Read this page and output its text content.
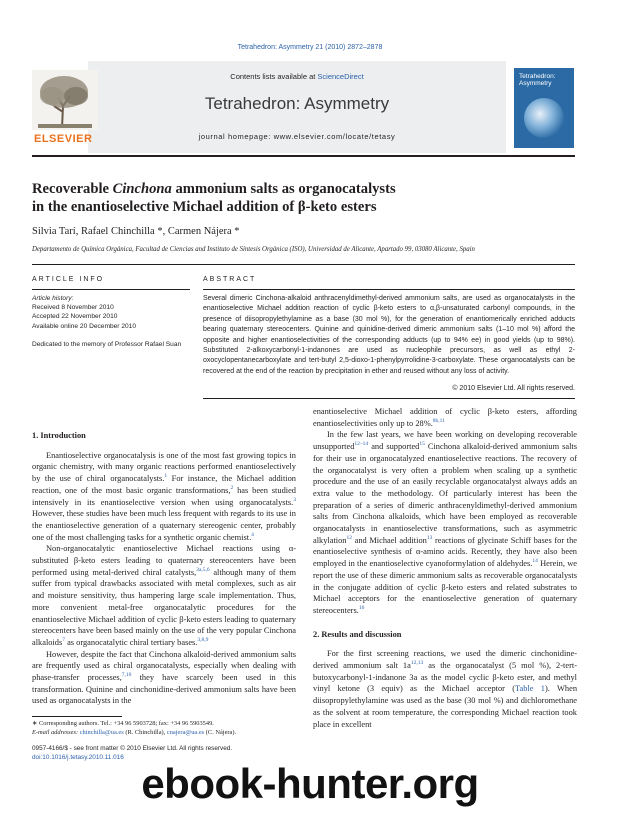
Tetrahedron: Asymmetry 21 (2010) 2872–2878
ELSEVIER
Contents lists available at ScienceDirect
Tetrahedron: Asymmetry
journal homepage: www.elsevier.com/locate/tetasy
Tetrahedron:
Asymmetry
Recoverable Cinchona ammonium salts as organocatalysts
in the enantioselective Michael addition of β-keto esters
Silvia Tarí, Rafael Chinchilla *, Carmen Nájera *
Departamento de Química Orgánica, Facultad de Ciencias and Instituto de Síntesis Orgánica (ISO), Universidad de Alicante, Apartado 99, 03080 Alicante, Spain
ARTICLE INFO	ABSTRACT
Article history:
Received 8 November 2010
Accepted 22 November 2010
Available online 20 December 2010
Dedicated to the memory of Professor Rafael Suan
Several dimeric Cinchona-alkaloid anthracenyldimethyl-derived ammonium salts, are used as organocatalysts in the enantioselective Michael addition reaction of cyclic β-keto esters to α,β-unsaturated carbonyl compounds, in the presence of diisopropylethylamine as a base (30 mol %), for the generation of enantiomerically enriched adducts bearing quaternary stereocenters. Quinine and quinidine-derived dimeric ammonium salts (1–10 mol %) afford the opposite and higher enantioselectivities of the corresponding adducts (up to 94% ee) in good yields (up to 98%). Substituted 2-alkoxycarbonyl-1-indanones are used as nucleophile precursors, as well as ethyl 2-oxocyclopentanecarboxylate and tert-butyl 2,5-dioxo-1-phenylpyrrolidine-3-carboxylate. These organocatalysts can be recovered at the end of the reaction by precipitation in ether and reused without any loss of activity.
© 2010 Elsevier Ltd. All rights reserved.
1. Introduction

Enantioselective organocatalysis is one of the most fast growing topics in organic chemistry, with many organic reactions performed enantioselectively by the use of chiral organocatalysts.$^1$ For instance, the Michael addition reaction, one of the most basic organic transformations,$^2$ has been studied intensively in its enantioselective version when using organocatalysts.$^3$ However, these studies have been much less frequent with regards to its use in the enantioselective generation of a quaternary stereogenic center, probably one of the most challenging tasks for a synthetic organic chemist.$^4$

Non-organocatalytic enantioselective Michael reactions using α-substituted β-keto esters leading to quaternary stereocenters have been performed using metal-derived chiral catalysts,$^{3a,5,6}$ although many of them suffer from typical drawbacks associated with metal complexes, such as air and moisture sensitivity, thus hampering large scale implementation. Thus, more convenient metal-free organocatalytic procedures for the enantioselective Michael addition of cyclic β-keto esters leading to quaternary stereocenters have been based mainly on the use of the very popular Cinchona alkaloids$^7$ as organocatalytic chiral tertiary bases.$^{3,8,9}$

However, despite the fact that Cinchona alkaloid-derived ammonium salts are frequently used as chiral organocatalysts, especially when dealing with phase-transfer processes,$^{7,10}$ they have scarcely been used in this transformation. Quinine and cinchonidine-derived ammonium salts have been used as organocatalysts in the

enantioselective Michael addition of cyclic β-keto esters, affording enantioselectivities only up to 28%.$^{8b,11}$

In the few last years, we have been working on developing recoverable unsupported$^{12-14}$ and supported$^{15}$ Cinchona alkaloid-derived ammonium salts for their use in organocatalyzed enantioselective reactions. The recovery of the organocatalyst is very often a problem when scaling up a synthetic procedure and the use of an easily recyclable organocatalyst always adds an extra value to the methodology. Of particularly interest has been the preparation of a series of dimeric anthracenyldimethyl-derived ammonium salts from Cinchona alkaloids, which have been employed as recoverable organocatalysts in enantioselective transformations, such as asymmetric alkylation$^{12}$ and Michael addition$^{13}$ reactions of glycinate Schiff bases for the enantioselective synthesis of α-amino acids. Recently, they have also been employed in the enantioselective cyanoformylation of aldehydes.$^{14}$ Herein, we report the use of these dimeric ammonium salts as recoverable organocatalysts in the conjugate addition of cyclic β-keto esters and related substrates to Michael acceptors for the enantioselective generation of quaternary stereocenters.$^{16}$

2. Results and discussion

For the first screening reactions, we used the dimeric cinchonidine-derived ammonium salt $1a^{12,13}$ as the organocatalyst (5 mol %), 2-tert-butoxycarbonyl-1-indanone 3a as the model cyclic β-keto ester, and methyl vinyl ketone (3 equiv) as the Michael acceptor (Table 1). When diisopropylethylamine was used as the base (30 mol %) and dichloromethane as the solvent at room temperature, the corresponding Michael reaction took place in excellent

∗ Corresponding authors. Tel.: +34 96 5903728; fax: +34 96 5903549.
E-mail addresses: chinchilla@ua.es (R. Chinchilla), cnajera@ua.es (C. Nájera).
0957-4166/$ - see front matter © 2010 Elsevier Ltd. All rights reserved.
doi:10.1016/j.tetasy.2010.11.016
ebook-hunter.org
